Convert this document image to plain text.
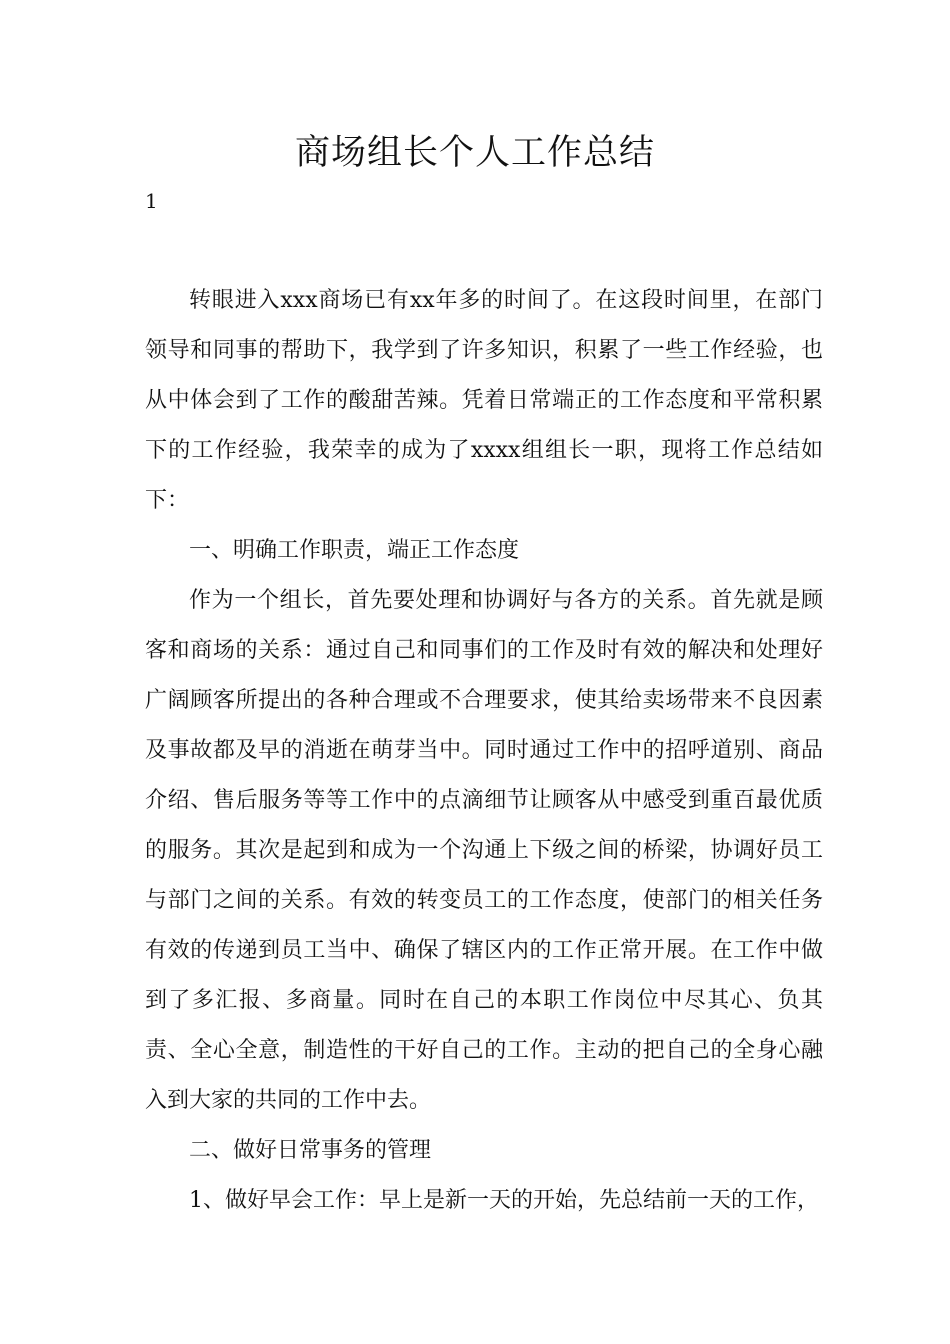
商场组长个人工作总结

1

转眼进入xxx商场已有xx年多的时间了。在这段时间里，在部门领导和同事的帮助下，我学到了许多知识，积累了一些工作经验，也从中体会到了工作的酸甜苦辣。凭着日常端正的工作态度和平常积累下的工作经验，我荣幸的成为了xxxx组组长一职，现将工作总结如下：

一、明确工作职责，端正工作态度

作为一个组长，首先要处理和协调好与各方的关系。首先就是顾客和商场的关系：通过自己和同事们的工作及时有效的解决和处理好广阔顾客所提出的各种合理或不合理要求，使其给卖场带来不良因素及事故都及早的消逝在萌芽当中。同时通过工作中的招呼道别、商品介绍、售后服务等等工作中的点滴细节让顾客从中感受到重百最优质的服务。其次是起到和成为一个沟通上下级之间的桥梁，协调好员工与部门之间的关系。有效的转变员工的工作态度，使部门的相关任务有效的传递到员工当中、确保了辖区内的工作正常开展。在工作中做到了多汇报、多商量。同时在自己的本职工作岗位中尽其心、负其责、全心全意，制造性的干好自己的工作。主动的把自己的全身心融入到大家的共同的工作中去。

二、做好日常事务的管理

1、做好早会工作：早上是新一天的开始，先总结前一天的工作，
